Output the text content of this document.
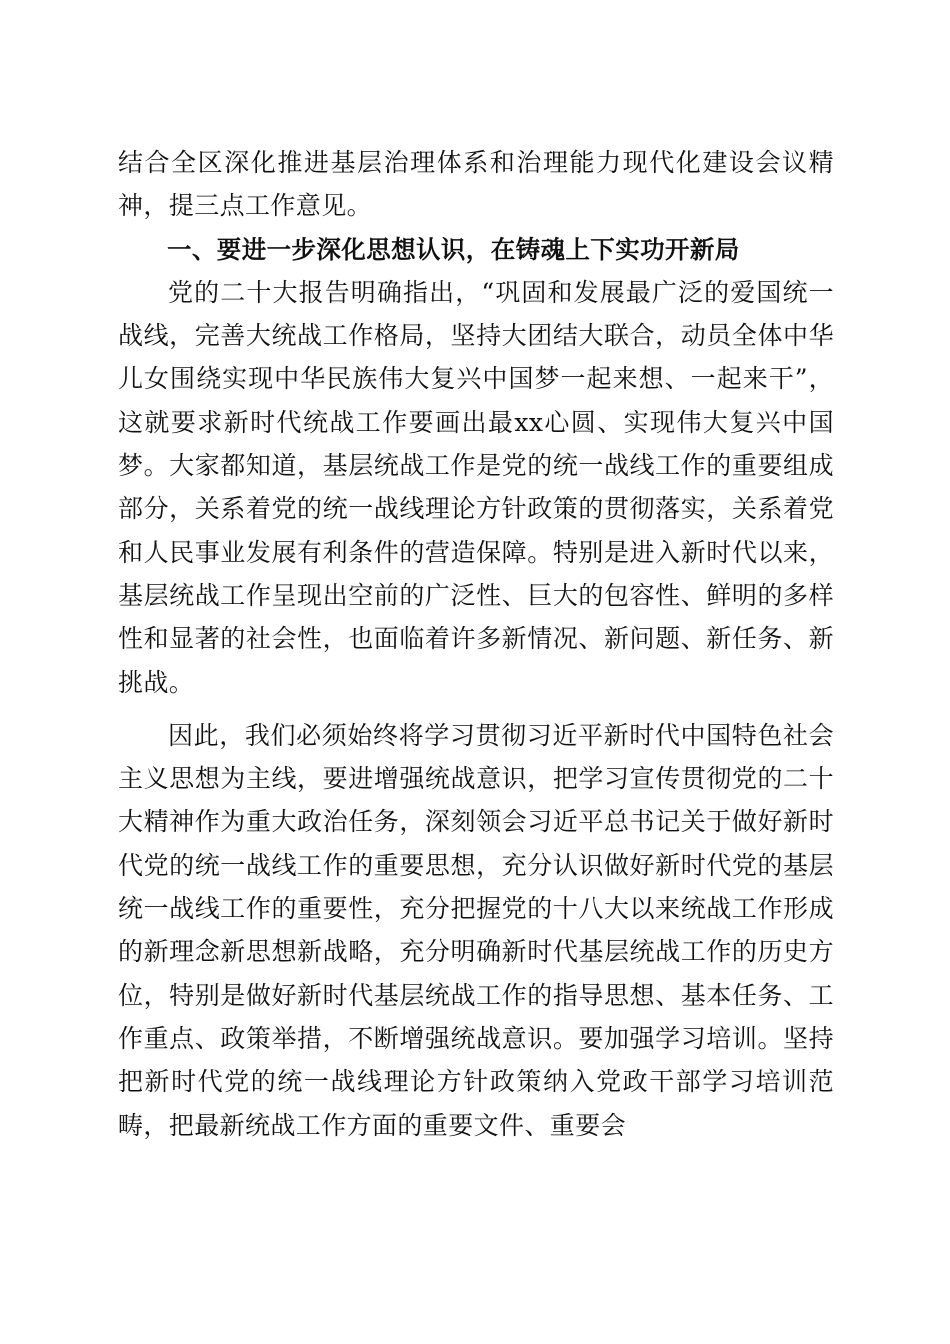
结合全区深化推进基层治理体系和治理能力现代化建设会议精神，提三点工作意见。

一、要进一步深化思想认识，在铸魂上下实功开新局

党的二十大报告明确指出，“巩固和发展最广泛的爱国统一战线，完善大统战工作格局，坚持大团结大联合，动员全体中华儿女围绕实现中华民族伟大复兴中国梦一起来想、一起来干”，这就要求新时代统战工作要画出最xx心圆、实现伟大复兴中国梦。大家都知道，基层统战工作是党的统一战线工作的重要组成部分，关系着党的统一战线理论方针政策的贯彻落实，关系着党和人民事业发展有利条件的营造保障。特别是进入新时代以来，基层统战工作呈现出空前的广泛性、巨大的包容性、鲜明的多样性和显著的社会性，也面临着许多新情况、新问题、新任务、新挑战。

因此，我们必须始终将学习贯彻习近平新时代中国特色社会主义思想为主线，要进增强统战意识，把学习宣传贯彻党的二十大精神作为重大政治任务，深刻领会习近平总书记关于做好新时代党的统一战线工作的重要思想，充分认识做好新时代党的基层统一战线工作的重要性，充分把握党的十八大以来统战工作形成的新理念新思想新战略，充分明确新时代基层统战工作的历史方位，特别是做好新时代基层统战工作的指导思想、基本任务、工作重点、政策举措，不断增强统战意识。要加强学习培训。坚持把新时代党的统一战线理论方针政策纳入党政干部学习培训范畴，把最新统战工作方面的重要文件、重要会
